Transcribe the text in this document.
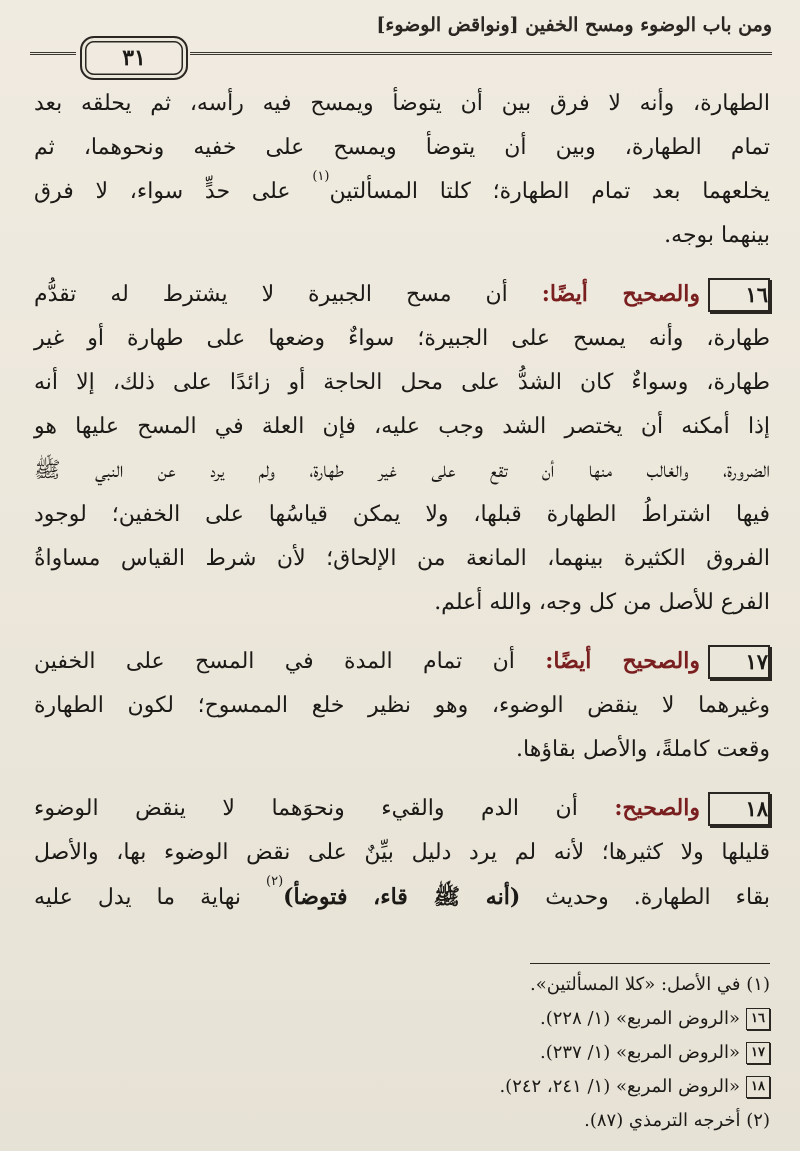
ومن باب الوضوء ومسح الخفين [ونواقض الوضوء]
٣١
الطهارة، وأنه لا فرق بين أن يتوضأ ويمسح فيه رأسه، ثم يحلقه بعد
تمام الطهارة، وبين أن يتوضأ ويمسح على خفيه ونحوهما، ثم
يخلعهما بعد تمام الطهارة؛ كلتا المسألتين$^{(١)}$ على حدٍّ سواء، لا فرق
بينهما بوجه.
١٦والصحيح أيضًا: أن مسح الجبيرة لا يشترط له تقدُّم
طهارة، وأنه يمسح على الجبيرة؛ سواءٌ وضعها على طهارة أو غير
طهارة، وسواءٌ كان الشدُّ على محل الحاجة أو زائدًا على ذلك، إلا أنه
إذا أمكنه أن يختصر الشد وجب عليه، فإن العلة في المسح عليها هو
الضرورة، والغالب منها أن تقع على غير طهارة، ولم يرد عن النبي ﷺ
فيها اشتراطُ الطهارة قبلها، ولا يمكن قياسُها على الخفين؛ لوجود
الفروق الكثيرة بينهما، المانعة من الإلحاق؛ لأن شرط القياس مساواةُ
الفرع للأصل من كل وجه، والله أعلم.
١٧والصحيح أيضًا: أن تمام المدة في المسح على الخفين
وغيرهما لا ينقض الوضوء، وهو نظير خلع الممسوح؛ لكون الطهارة
وقعت كاملةً، والأصل بقاؤها.
١٨والصحيح: أن الدم والقيء ونحوَهما لا ينقض الوضوء
قليلها ولا كثيرها؛ لأنه لم يرد دليل بيِّنٌ على نقض الوضوء بها، والأصل
بقاء الطهارة. وحديث (أنه ﷺ قاء، فتوضأ)$^{(٢)}$ نهاية ما يدل عليه
(١) في الأصل: «كلا المسألتين».
١٦«الروض المربع» (١/ ٢٢٨).
١٧«الروض المربع» (١/ ٢٣٧).
١٨«الروض المربع» (١/ ٢٤١، ٢٤٢).
(٢) أخرجه الترمذي (٨٧).
